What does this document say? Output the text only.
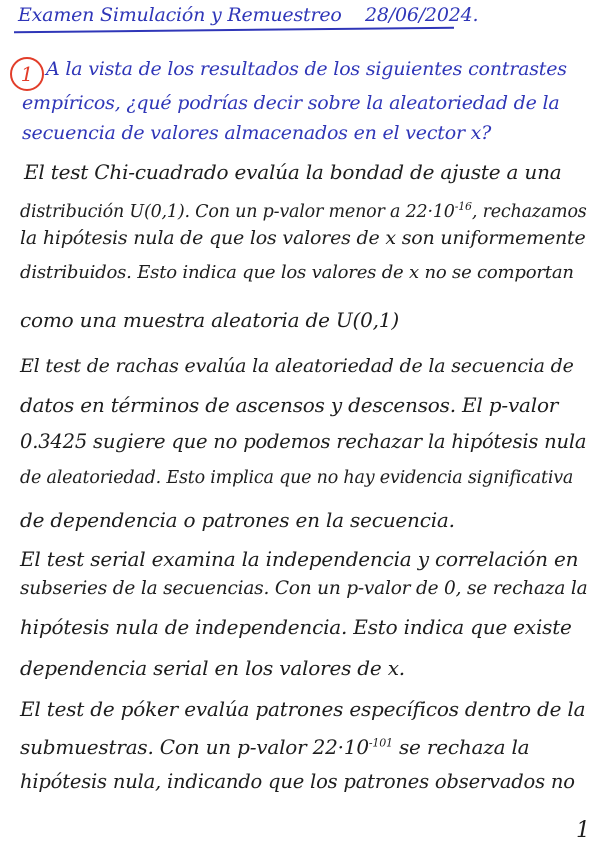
Examen Simulación y Remuestreo 28/06/2024.
1 A la vista de los resultados de los siguientes contrastes
empíricos, ¿qué podrías decir sobre la aleatoriedad de la
secuencia de valores almacenados en el vector x?
El test Chi-cuadrado evalúa la bondad de ajuste a una
distribución U(0,1). Con un p-valor menor a $22\cdot 10^{-16}$, rechazamos
la hipótesis nula de que los valores de x son uniformemente
distribuidos. Esto indica que los valores de x no se comportan
como una muestra aleatoria de U(0,1)
El test de rachas evalúa la aleatoriedad de la secuencia de
datos en términos de ascensos y descensos. El p-valor
0.3425 sugiere que no podemos rechazar la hipótesis nula
de aleatoriedad. Esto implica que no hay evidencia significativa
de dependencia o patrones en la secuencia.
El test serial examina la independencia y correlación en
subseries de la secuencias. Con un p-valor de 0, se rechaza la
hipótesis nula de independencia. Esto indica que existe
dependencia serial en los valores de x.
El test de póker evalúa patrones específicos dentro de la
submuestras. Con un p-valor $22\cdot 10^{-101}$ se rechaza la
hipótesis nula, indicando que los patrones observados no
1
